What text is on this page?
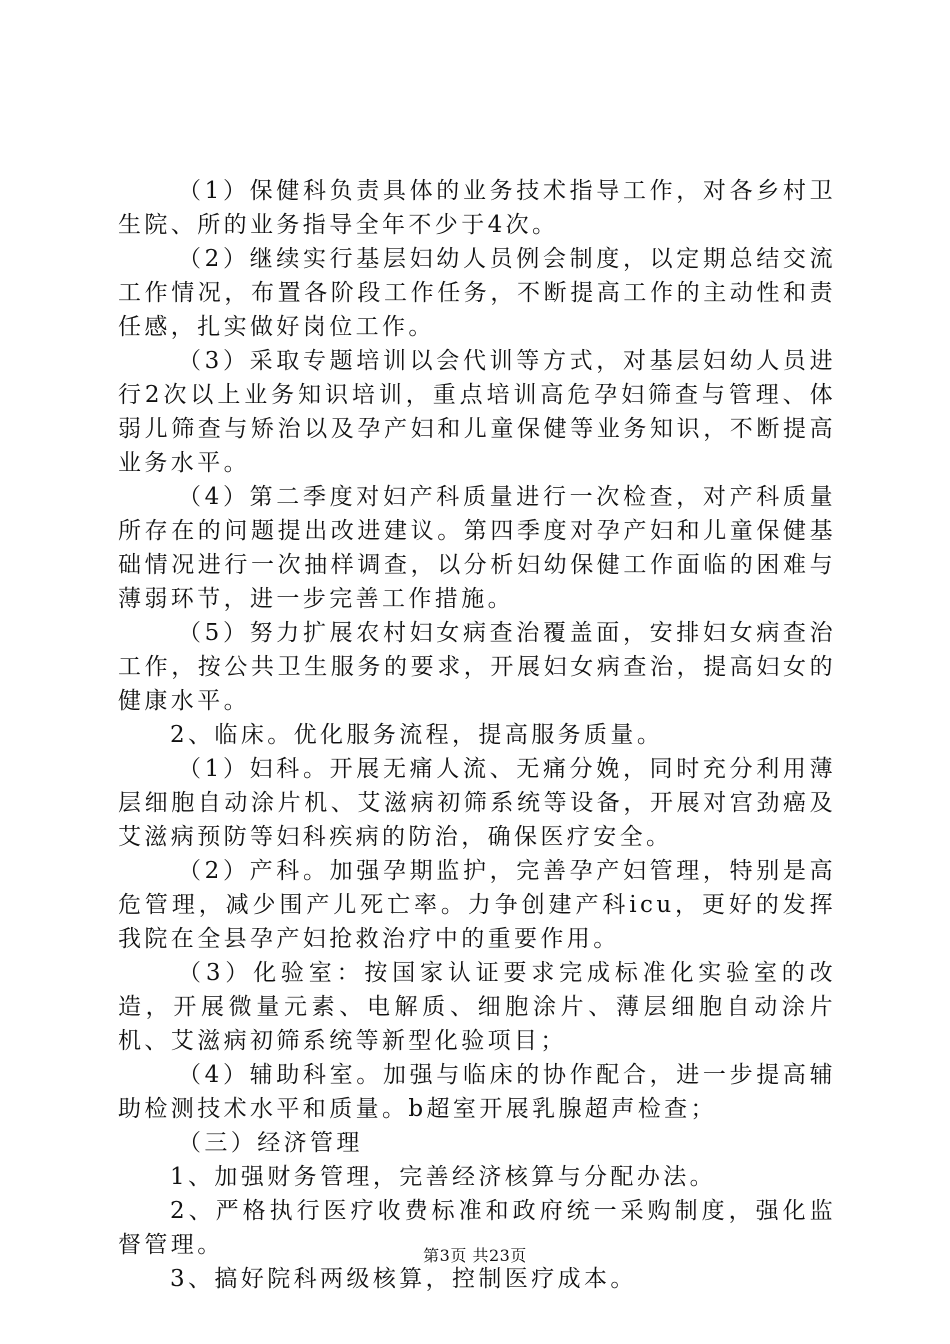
（1）保健科负责具体的业务技术指导工作，对各乡村卫生院、所的业务指导全年不少于4次。

（2）继续实行基层妇幼人员例会制度，以定期总结交流工作情况，布置各阶段工作任务，不断提高工作的主动性和责任感，扎实做好岗位工作。

（3）采取专题培训以会代训等方式，对基层妇幼人员进行2次以上业务知识培训，重点培训高危孕妇筛查与管理、体弱儿筛查与矫治以及孕产妇和儿童保健等业务知识，不断提高业务水平。

（4）第二季度对妇产科质量进行一次检查，对产科质量所存在的问题提出改进建议。第四季度对孕产妇和儿童保健基础情况进行一次抽样调查，以分析妇幼保健工作面临的困难与薄弱环节，进一步完善工作措施。

（5）努力扩展农村妇女病查治覆盖面，安排妇女病查治工作，按公共卫生服务的要求，开展妇女病查治，提高妇女的健康水平。

2、临床。优化服务流程，提高服务质量。

（1）妇科。开展无痛人流、无痛分娩，同时充分利用薄层细胞自动涂片机、艾滋病初筛系统等设备，开展对宫劲癌及艾滋病预防等妇科疾病的防治，确保医疗安全。

（2）产科。加强孕期监护，完善孕产妇管理，特别是高危管理，减少围产儿死亡率。力争创建产科icu，更好的发挥我院在全县孕产妇抢救治疗中的重要作用。

（3）化验室：按国家认证要求完成标准化实验室的改造，开展微量元素、电解质、细胞涂片、薄层细胞自动涂片机、艾滋病初筛系统等新型化验项目；

（4）辅助科室。加强与临床的协作配合，进一步提高辅助检测技术水平和质量。b超室开展乳腺超声检查；

（三）经济管理

1、加强财务管理，完善经济核算与分配办法。

2、严格执行医疗收费标准和政府统一采购制度，强化监督管理。

3、搞好院科两级核算，控制医疗成本。

第3页 共23页
